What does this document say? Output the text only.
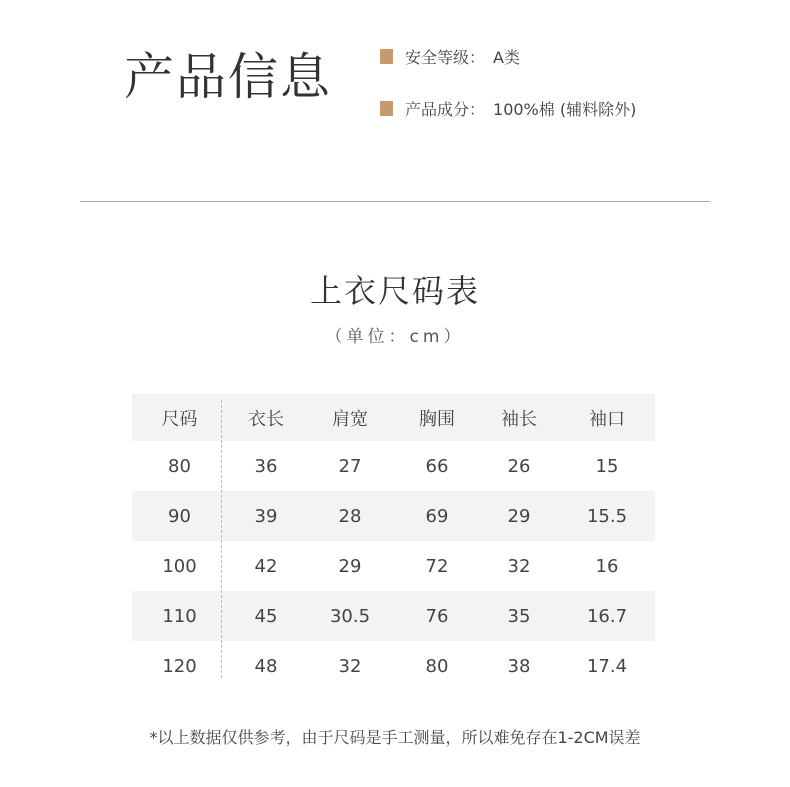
产品信息	安全等级： A类
产品成分： 100%棉 (辅料除外)
上衣尺码表
（单位：cm）
尺码	衣长	肩宽	胸围	袖长	袖口
80	36	27	66	26	15
90	39	28	69	29	15.5
100	42	29	72	32	16
110	45	30.5	76	35	16.7
120	48	32	80	38	17.4
*以上数据仅供参考，由于尺码是手工测量，所以难免存在1-2CM误差
